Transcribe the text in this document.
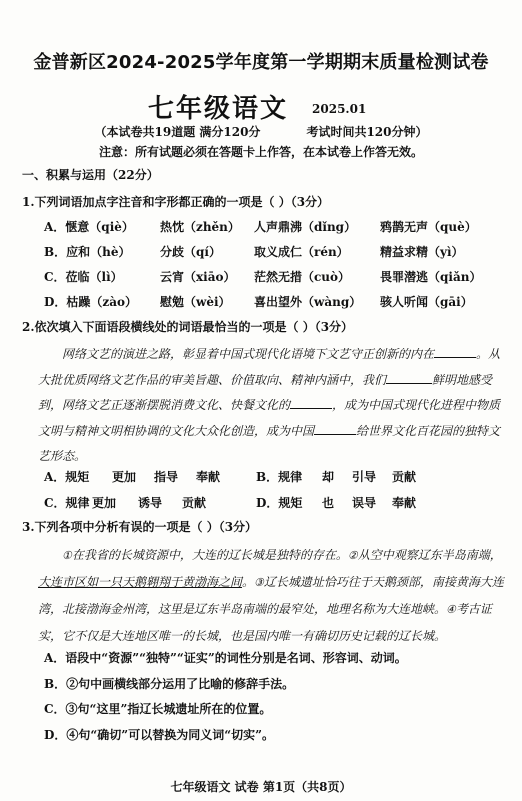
金普新区2024-2025学年度第一学期期末质量检测试卷
七年级语文 $^{2025.01}$
（本试卷共19道题 满分120分	考试时间共120分钟）
注意：所有试题必须在答题卡上作答，在本试卷上作答无效。
一、积累与运用（22分）
1.下列词语加点字注音和字形都正确的一项是（ ）（3分）
A．惬意（qiè） 热忱（zhěn） 人声鼎沸（dǐng） 鸦鹊无声（què）
B．应和（hè） 分歧（qí）	取义成仁（rén）	精益求精（yì）
C．莅临（lì）	云宵（xiāo） 茫然无措（cuò） 畏罪潜逃（qiǎn）
D．枯躁（zào） 慰勉（wèi） 喜出望外（wàng） 骇人听闻（gāi）
2.依次填入下面语段横线处的词语最恰当的一项是（ ）（3分）

网络文艺的演进之路，彰显着中国式现代化语境下文艺守正创新的内在	。从大批优质网络文艺作品的审美旨趣、价值取向、精神内涵中，我们	鲜明地感受到，网络文艺正逐渐摆脱消费文化、快餐文化的	，成为中国式现代化进程中物质文明与精神文明相协调的文化大众化创造，成为中国	给世界文化百花园的独特文艺形态。

A．规矩 更加 指导 奉献	B．规律 却 引导 贡献
C．规律 更加 诱导 贡献	D．规矩 也 误导 奉献
3.下列各项中分析有误的一项是（ ）（3分）

①在我省的长城资源中，大连的辽长城是独特的存在。②从空中观察辽东半岛南端，大连市区如一只天鹅翱翔于黄渤海之间。③辽长城遗址恰巧往于天鹅颈部，南接黄海大连湾，北接渤海金州湾，这里是辽东半岛南端的最窄处，地理名称为大连地峡。④考古证实，它不仅是大连地区唯一的长城，也是国内唯一有确切历史记载的辽长城。

A．语段中“资源”“独特”“证实”的词性分别是名词、形容词、动词。
B．②句中画横线部分运用了比喻的修辞手法。
C．③句“这里”指辽长城遗址所在的位置。
D．④句“确切”可以替换为同义词“切实”。
七年级语文 试卷 第1页（共8页）
